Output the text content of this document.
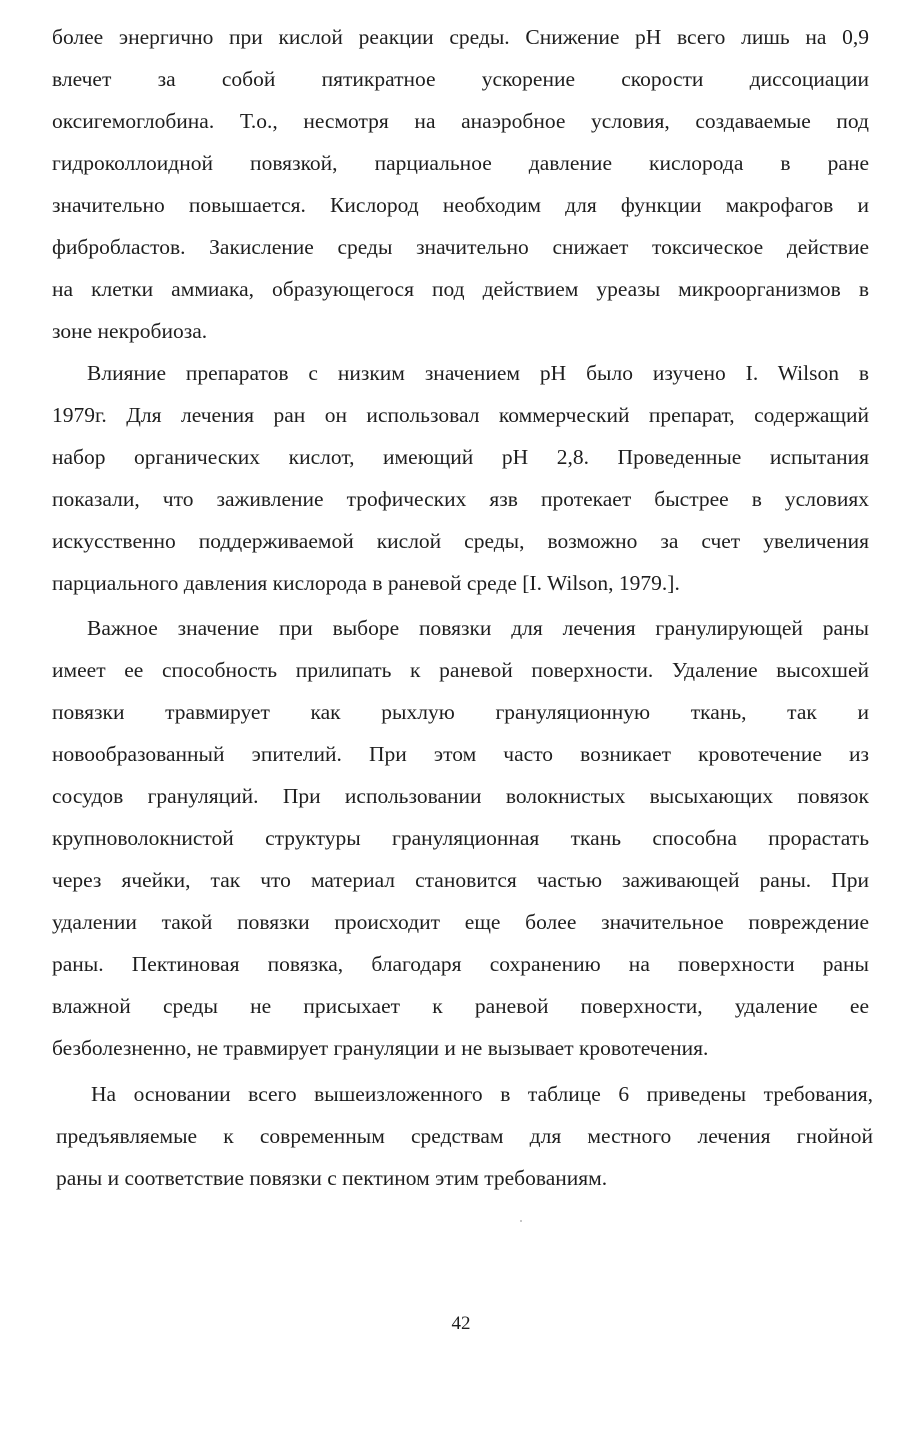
более энергично при кислой реакции среды. Снижение рН всего лишь на 0,9
влечет за собой пятикратное ускорение скорости диссоциации
оксигемоглобина. Т.о., несмотря на анаэробное условия, создаваемые под
гидроколлоидной повязкой, парциальное давление кислорода в ране
значительно повышается. Кислород необходим для функции макрофагов и
фибробластов. Закисление среды значительно снижает токсическое действие
на клетки аммиака, образующегося под действием уреазы микроорганизмов в
зоне некробиоза.
Влияние препаратов с низким значением рН было изучено I. Wilson в
1979г. Для лечения ран он использовал коммерческий препарат, содержащий
набор органических кислот, имеющий рН 2,8. Проведенные испытания
показали, что заживление трофических язв протекает быстрее в условиях
искусственно поддерживаемой кислой среды, возможно за счет увеличения
парциального давления кислорода в раневой среде [I. Wilson, 1979.].
Важное значение при выборе повязки для лечения гранулирующей раны
имеет ее способность прилипать к раневой поверхности. Удаление высохшей
повязки травмирует как рыхлую грануляционную ткань, так и
новообразованный эпителий. При этом часто возникает кровотечение из
сосудов грануляций. При использовании волокнистых высыхающих повязок
крупноволокнистой структуры грануляционная ткань способна прорастать
через ячейки, так что материал становится частью заживающей раны. При
удалении такой повязки происходит еще более значительное повреждение
раны. Пектиновая повязка, благодаря сохранению на поверхности раны
влажной среды не присыхает к раневой поверхности, удаление ее
безболезненно, не травмирует грануляции и не вызывает кровотечения.
На основании всего вышеизложенного в таблице 6 приведены требования,
предъявляемые к современным средствам для местного лечения гнойной
раны и соответствие повязки с пектином этим требованиям.
42
